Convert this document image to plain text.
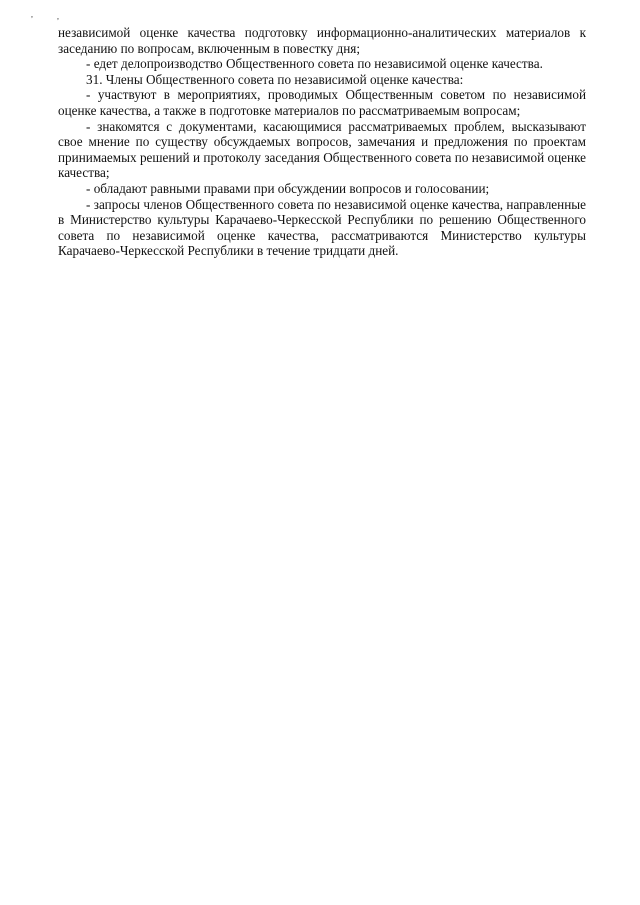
,	,

независимой оценке качества подготовку информационно-аналитических материалов к заседанию по вопросам, включенным в повестку дня;

- едет делопроизводство Общественного совета по независимой оценке качества.

31. Члены Общественного совета по независимой оценке качества:

- участвуют в мероприятиях, проводимых Общественным советом по независимой оценке качества, а также в подготовке материалов по рассматриваемым вопросам;

- знакомятся с документами, касающимися рассматриваемых проблем, высказывают свое мнение по существу обсуждаемых вопросов, замечания и предложения по проектам принимаемых решений и протоколу заседания Общественного совета по независимой оценке качества;

- обладают равными правами при обсуждении вопросов и голосовании;

- запросы членов Общественного совета по независимой оценке качества, направленные в Министерство культуры Карачаево-Черкесской Республики по решению Общественного совета по независимой оценке качества, рассматриваются Министерство культуры Карачаево-Черкесской Республики в течение тридцати дней.
